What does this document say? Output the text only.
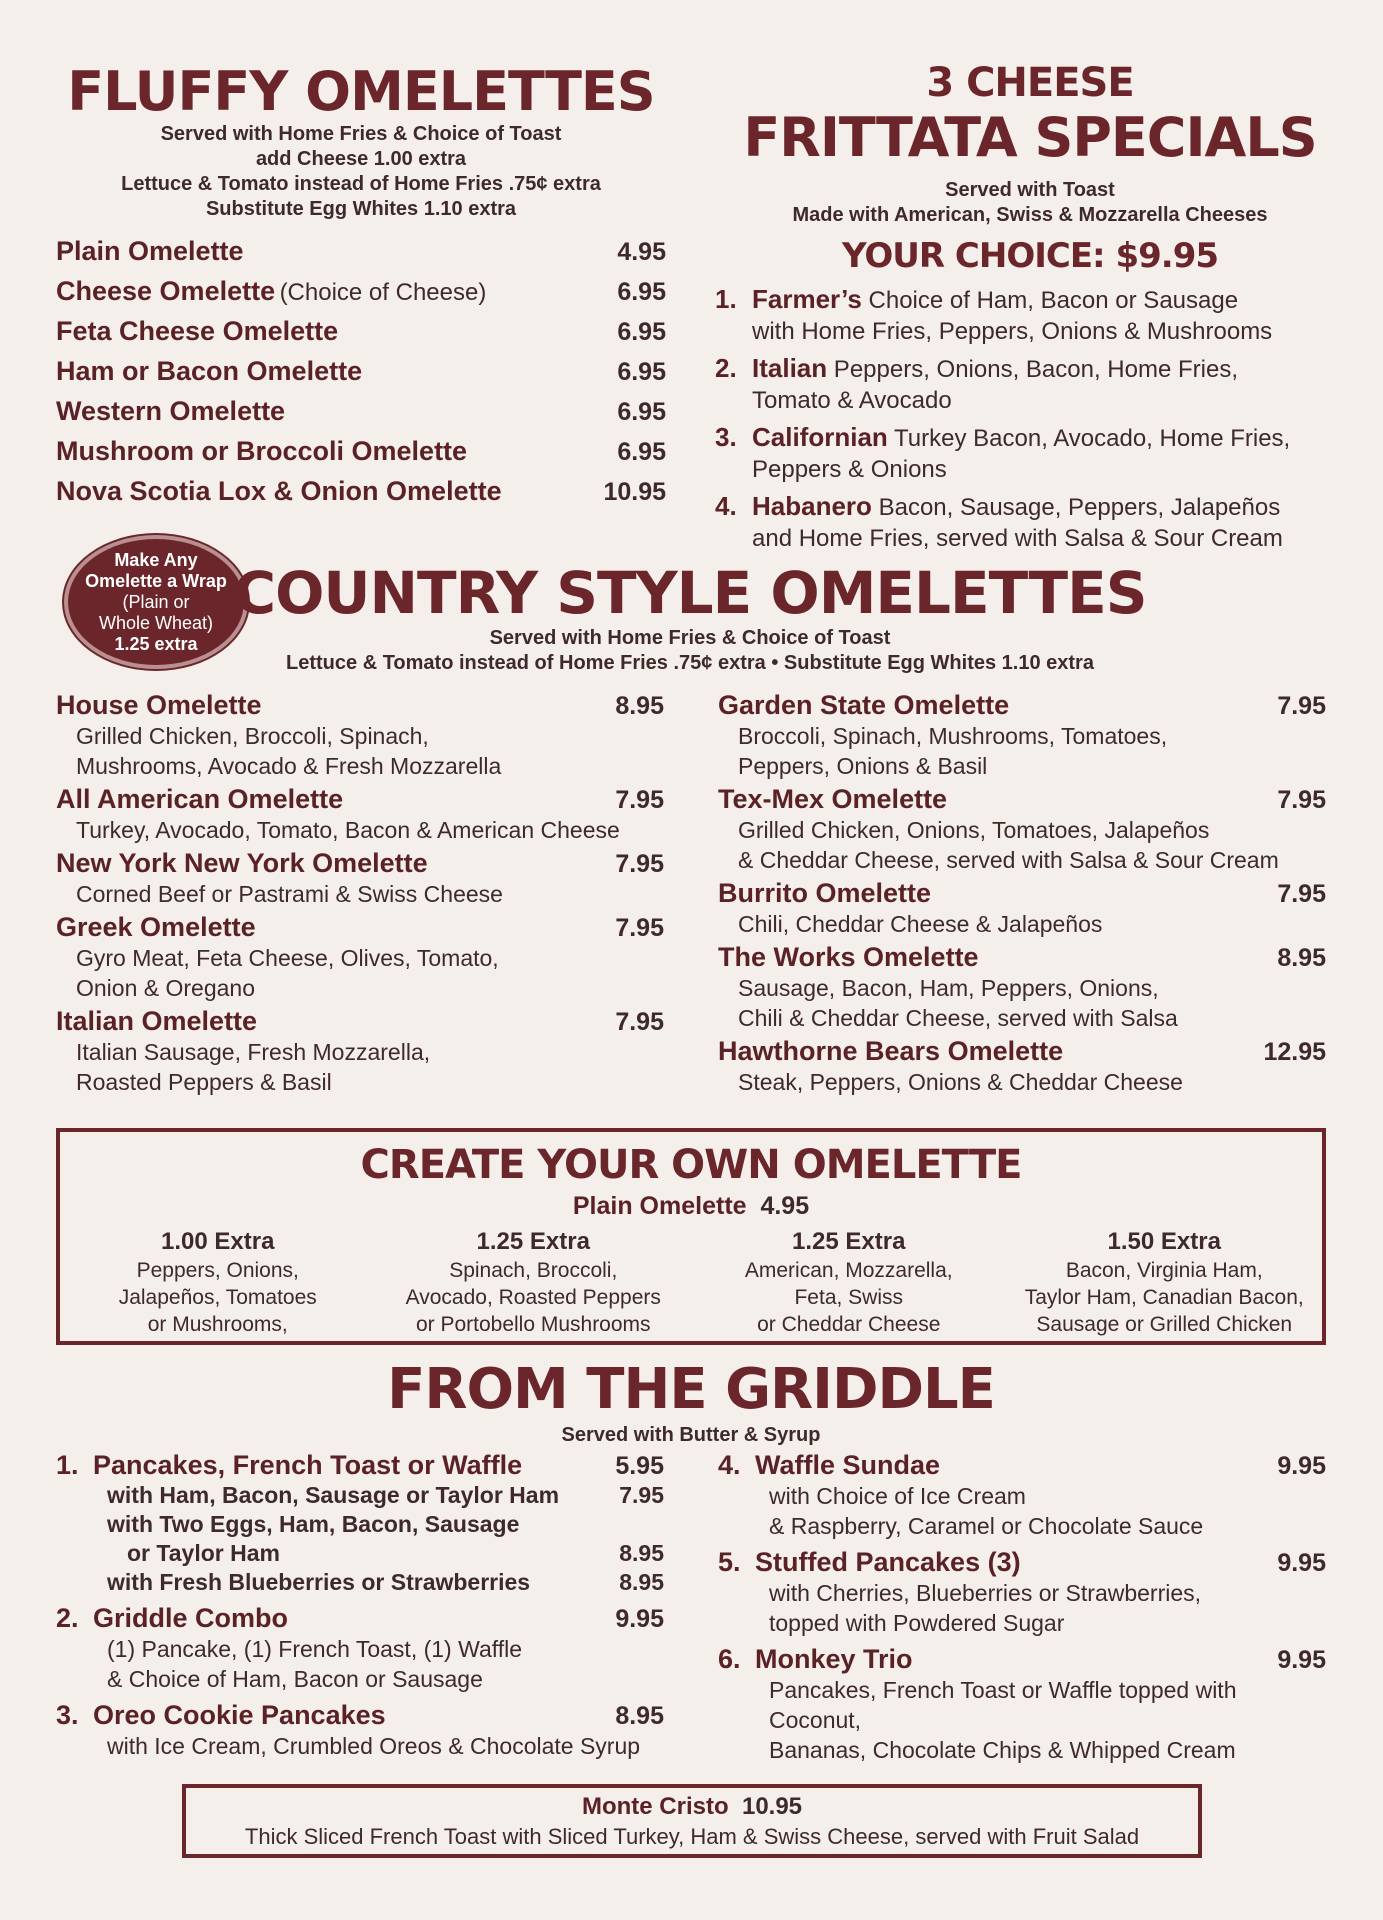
FLUFFY OMELETTES
Served with Home Fries & Choice of Toast
add Cheese 1.00 extra
Lettuce & Tomato instead of Home Fries .75¢ extra
Substitute Egg Whites 1.10 extra
Plain Omelette	4.95
Cheese Omelette (Choice of Cheese)	6.95
Feta Cheese Omelette	6.95
Ham or Bacon Omelette	6.95
Western Omelette	6.95
Mushroom or Broccoli Omelette	6.95
Nova Scotia Lox & Onion Omelette	10.95
3 CHEESE
FRITTATA SPECIALS
Served with Toast
Made with American, Swiss & Mozzarella Cheeses
YOUR CHOICE: $9.95
1. Farmer’s Choice of Ham, Bacon or Sausage
with Home Fries, Peppers, Onions & Mushrooms
2. Italian Peppers, Onions, Bacon, Home Fries,
Tomato & Avocado
3. Californian Turkey Bacon, Avocado, Home Fries,
Peppers & Onions
4. Habanero Bacon, Sausage, Peppers, Jalapeños
and Home Fries, served with Salsa & Sour Cream
Make Any
Omelette a Wrap
(Plain or
Whole Wheat)
1.25 extra
COUNTRY STYLE OMELETTES
Served with Home Fries & Choice of Toast
Lettuce & Tomato instead of Home Fries .75¢ extra • Substitute Egg Whites 1.10 extra
House Omelette	8.95
Grilled Chicken, Broccoli, Spinach,
Mushrooms, Avocado & Fresh Mozzarella
All American Omelette	7.95
Turkey, Avocado, Tomato, Bacon & American Cheese
New York New York Omelette	7.95
Corned Beef or Pastrami & Swiss Cheese
Greek Omelette	7.95
Gyro Meat, Feta Cheese, Olives, Tomato,
Onion & Oregano
Italian Omelette	7.95
Italian Sausage, Fresh Mozzarella,
Roasted Peppers & Basil
Garden State Omelette	7.95
Broccoli, Spinach, Mushrooms, Tomatoes,
Peppers, Onions & Basil
Tex-Mex Omelette	7.95
Grilled Chicken, Onions, Tomatoes, Jalapeños
& Cheddar Cheese, served with Salsa & Sour Cream
Burrito Omelette	7.95
Chili, Cheddar Cheese & Jalapeños
The Works Omelette	8.95
Sausage, Bacon, Ham, Peppers, Onions,
Chili & Cheddar Cheese, served with Salsa
Hawthorne Bears Omelette	12.95
Steak, Peppers, Onions & Cheddar Cheese
CREATE YOUR OWN OMELETTE
Plain Omelette 4.95
1.00 Extra
Peppers, Onions,
Jalapeños, Tomatoes
or Mushrooms,
1.25 Extra
Spinach, Broccoli,
Avocado, Roasted Peppers
or Portobello Mushrooms
1.25 Extra
American, Mozzarella,
Feta, Swiss
or Cheddar Cheese
1.50 Extra
Bacon, Virginia Ham,
Taylor Ham, Canadian Bacon,
Sausage or Grilled Chicken
FROM THE GRIDDLE
Served with Butter & Syrup
1. Pancakes, French Toast or Waffle	5.95
with Ham, Bacon, Sausage or Taylor Ham	7.95
with Two Eggs, Ham, Bacon, Sausage
or Taylor Ham	8.95
with Fresh Blueberries or Strawberries	8.95
2. Griddle Combo	9.95
(1) Pancake, (1) French Toast, (1) Waffle
& Choice of Ham, Bacon or Sausage
3. Oreo Cookie Pancakes	8.95
with Ice Cream, Crumbled Oreos & Chocolate Syrup
4. Waffle Sundae	9.95
with Choice of Ice Cream
& Raspberry, Caramel or Chocolate Sauce
5. Stuffed Pancakes (3)	9.95
with Cherries, Blueberries or Strawberries,
topped with Powdered Sugar
6. Monkey Trio	9.95
Pancakes, French Toast or Waffle topped with Coconut,
Bananas, Chocolate Chips & Whipped Cream
Monte Cristo 10.95
Thick Sliced French Toast with Sliced Turkey, Ham & Swiss Cheese, served with Fruit Salad
